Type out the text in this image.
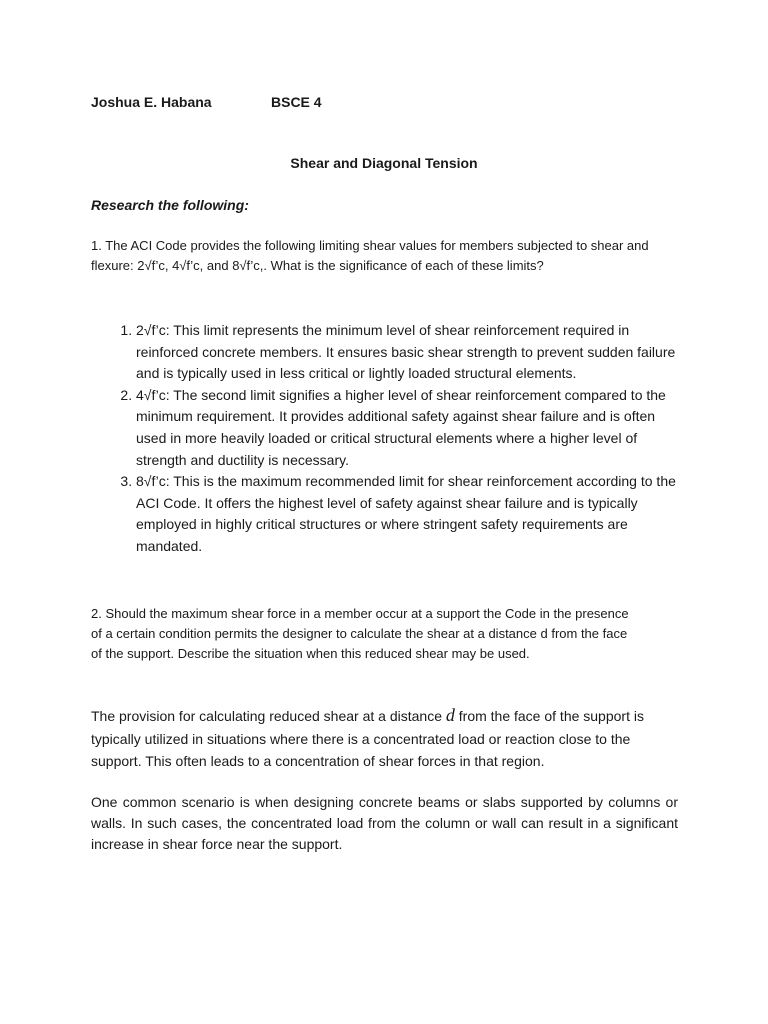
Joshua E. Habana	BSCE 4
Shear and Diagonal Tension
Research the following:
1. The ACI Code provides the following limiting shear values for members subjected to shear and flexure: 2√f’c, 4√f’c, and 8√f’c,. What is the significance of each of these limits?
1. 2√f’c: This limit represents the minimum level of shear reinforcement required in reinforced concrete members. It ensures basic shear strength to prevent sudden failure and is typically used in less critical or lightly loaded structural elements.
2. 4√f’c: The second limit signifies a higher level of shear reinforcement compared to the minimum requirement. It provides additional safety against shear failure and is often used in more heavily loaded or critical structural elements where a higher level of strength and ductility is necessary.
3. 8√f’c: This is the maximum recommended limit for shear reinforcement according to the ACI Code. It offers the highest level of safety against shear failure and is typically employed in highly critical structures or where stringent safety requirements are mandated.
2. Should the maximum shear force in a member occur at a support the Code in the presence of a certain condition permits the designer to calculate the shear at a distance d from the face of the support. Describe the situation when this reduced shear may be used.
The provision for calculating reduced shear at a distance d from the face of the support is typically utilized in situations where there is a concentrated load or reaction close to the support. This often leads to a concentration of shear forces in that region.
One common scenario is when designing concrete beams or slabs supported by columns or walls. In such cases, the concentrated load from the column or wall can result in a significant increase in shear force near the support.
